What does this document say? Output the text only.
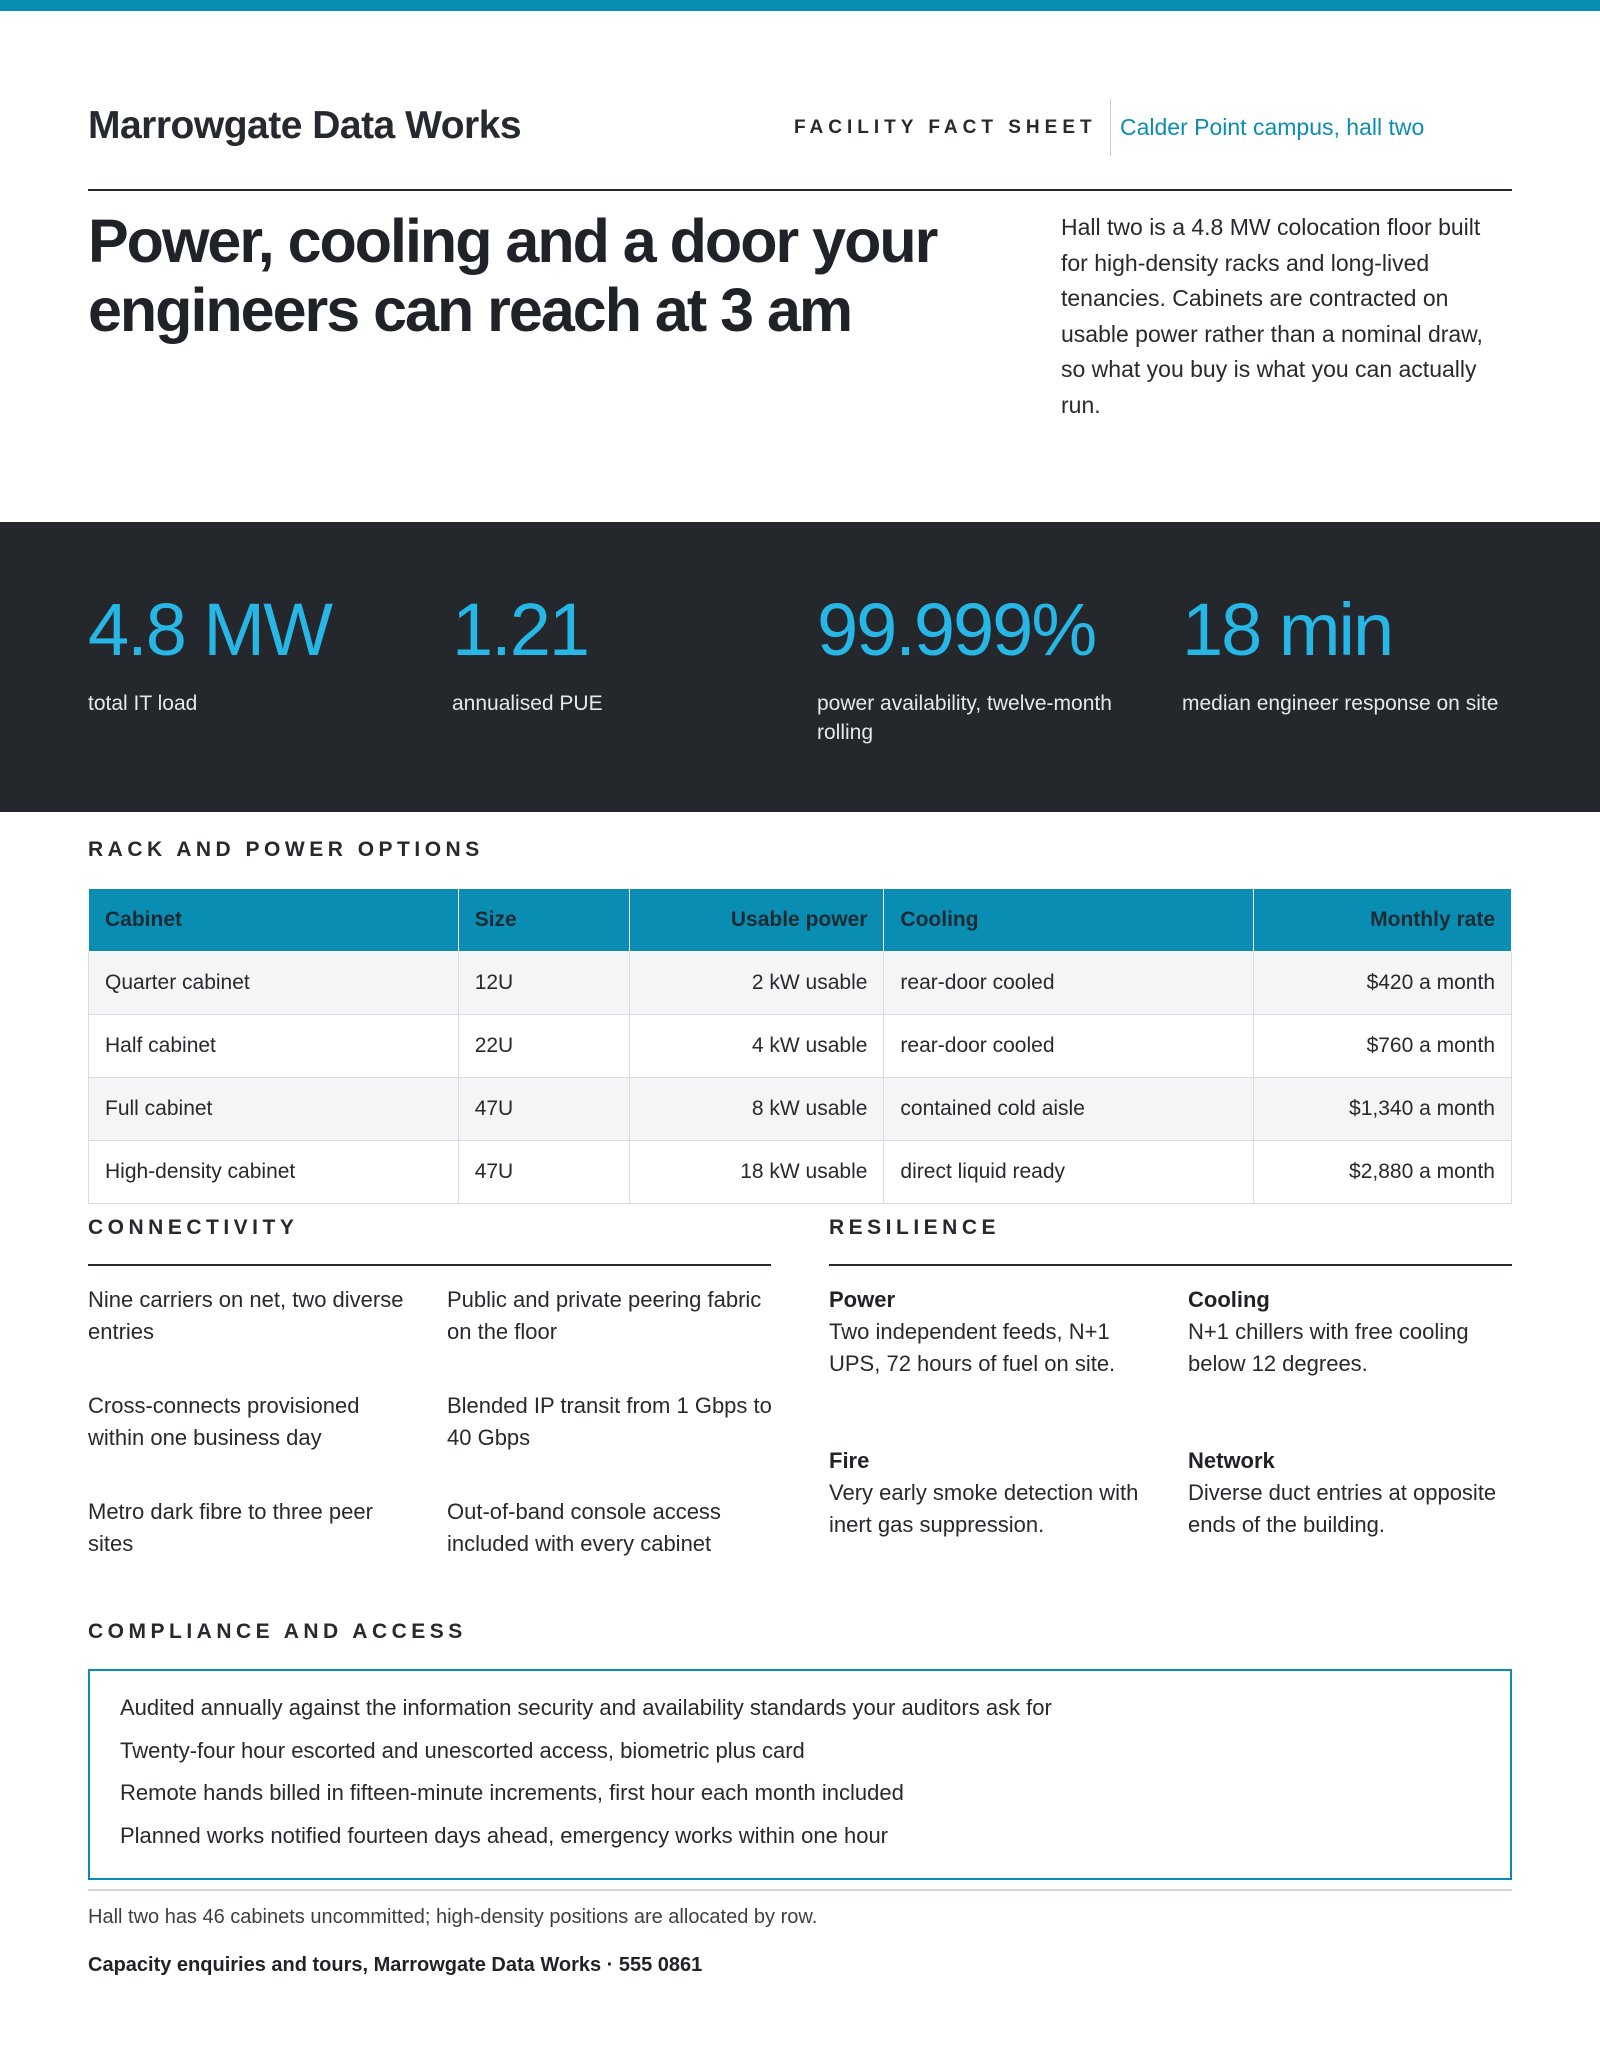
Marrowgate Data Works	FACILITY FACT SHEET Calder Point campus, hall two
Power, cooling and a door your engineers can reach at 3 am

Hall two is a 4.8 MW colocation floor built for high-density racks and long-lived tenancies. Cabinets are contracted on usable power rather than a nominal draw, so what you buy is what you can actually run.

4.8 MW
total IT load
1.21
annualised PUE
99.999%
power availability, twelve-month rolling
18 min
median engineer response on site
RACK AND POWER OPTIONS
Cabinet	Size	Usable power	Cooling	Monthly rate
Quarter cabinet	12U	2 kW usable	rear-door cooled	$420 a month
Half cabinet	22U	4 kW usable	rear-door cooled	$760 a month
Full cabinet	47U	8 kW usable	contained cold aisle	$1,340 a month
High-density cabinet	47U	18 kW usable	direct liquid ready	$2,880 a month
CONNECTIVITY
Nine carriers on net, two diverse entries
Public and private peering fabric on the floor
Cross-connects provisioned within one business day
Blended IP transit from 1 Gbps to 40 Gbps
Metro dark fibre to three peer sites
Out-of-band console access included with every cabinet
RESILIENCE
Power
Two independent feeds, N+1 UPS, 72 hours of fuel on site.
Cooling
N+1 chillers with free cooling below 12 degrees.
Fire
Very early smoke detection with inert gas suppression.
Network
Diverse duct entries at opposite ends of the building.
COMPLIANCE AND ACCESS
Audited annually against the information security and availability standards your auditors ask for
Twenty-four hour escorted and unescorted access, biometric plus card
Remote hands billed in fifteen-minute increments, first hour each month included
Planned works notified fourteen days ahead, emergency works within one hour
Hall two has 46 cabinets uncommitted; high-density positions are allocated by row.
Capacity enquiries and tours, Marrowgate Data Works · 555 0861
